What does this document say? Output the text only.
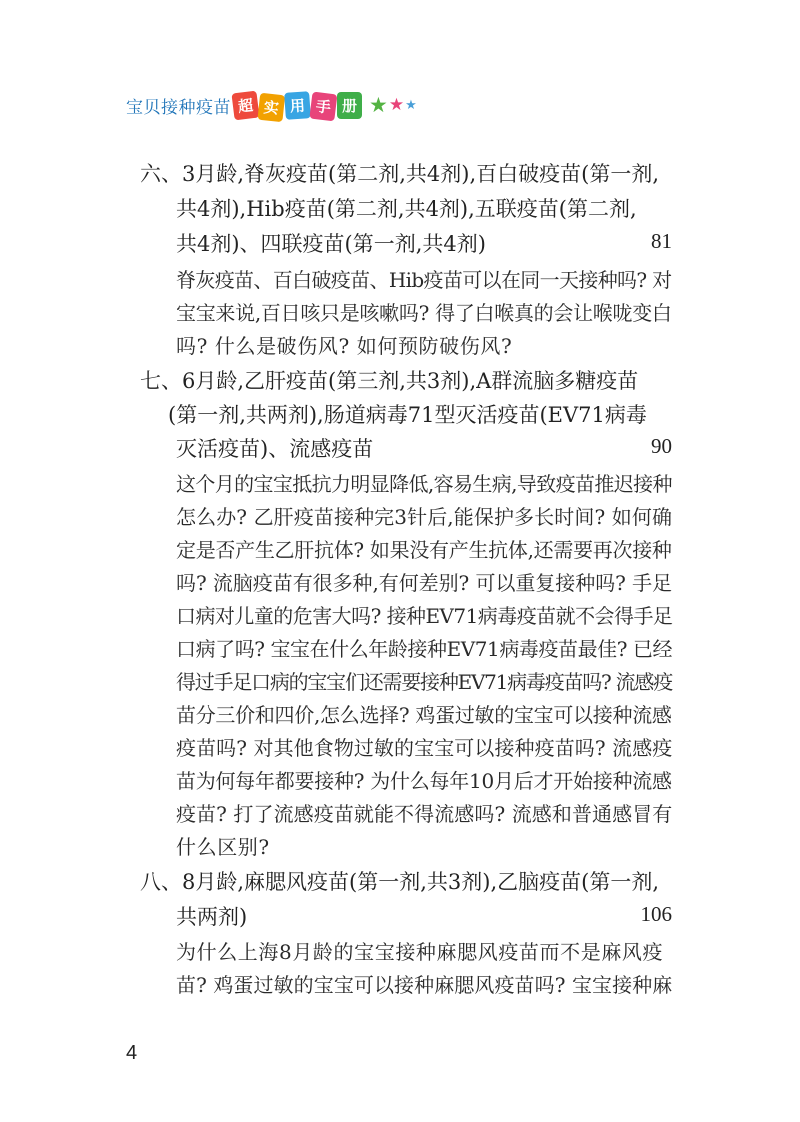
宝贝接种疫苗 超 实 用 手 册 ★ ★ ★
六、 3月龄,脊灰疫苗(第二剂,共4剂),百白破疫苗(第一剂,
共4剂),Hib疫苗(第二剂,共4剂),五联疫苗(第二剂,
共4剂)、四联疫苗(第一剂,共4剂)	81
脊灰疫苗、百白破疫苗、Hib疫苗可以在同一天接种吗? 对
宝宝来说,百日咳只是咳嗽吗? 得了白喉真的会让喉咙变白
吗? 什么是破伤风? 如何预防破伤风?
七、 6月龄,乙肝疫苗(第三剂,共3剂),A群流脑多糖疫苗
(第一剂,共两剂),肠道病毒71型灭活疫苗(EV71病毒
灭活疫苗)、流感疫苗	90
这个月的宝宝抵抗力明显降低,容易生病,导致疫苗推迟接种
怎么办? 乙肝疫苗接种完3针后,能保护多长时间? 如何确
定是否产生乙肝抗体? 如果没有产生抗体,还需要再次接种
吗? 流脑疫苗有很多种,有何差别? 可以重复接种吗? 手足
口病对儿童的危害大吗? 接种EV71病毒疫苗就不会得手足
口病了吗? 宝宝在什么年龄接种EV71病毒疫苗最佳? 已经
得过手足口病的宝宝们还需要接种EV71病毒疫苗吗? 流感疫
苗分三价和四价,怎么选择? 鸡蛋过敏的宝宝可以接种流感
疫苗吗? 对其他食物过敏的宝宝可以接种疫苗吗? 流感疫
苗为何每年都要接种? 为什么每年10月后才开始接种流感
疫苗? 打了流感疫苗就能不得流感吗? 流感和普通感冒有
什么区别?
八、 8月龄,麻腮风疫苗(第一剂,共3剂),乙脑疫苗(第一剂,
共两剂)	106
为什么上海8月龄的宝宝接种麻腮风疫苗而不是麻风疫
苗? 鸡蛋过敏的宝宝可以接种麻腮风疫苗吗? 宝宝接种麻
4
